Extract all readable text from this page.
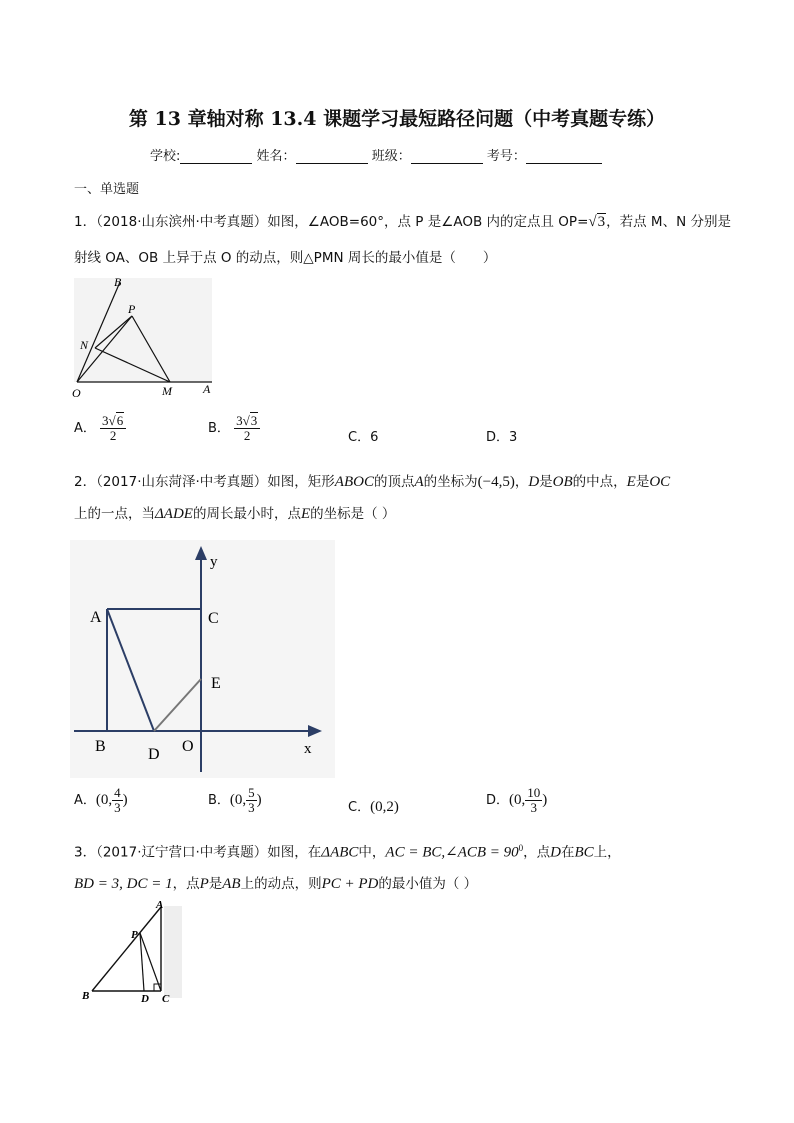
第 13 章轴对称 13.4 课题学习最短路径问题（中考真题专练）
学校:	姓名：	班级：	考号：
一、单选题
1．（2018·山东滨州·中考真题）如图，∠AOB=60°，点 P 是∠AOB 内的定点且 OP=√3，若点 M、N 分别是
射线 OA、OB 上异于点 O 的动点，则△PMN 周长的最小值是（　　）
B
P
N
O	M	A
A． $\frac{3√6}{2}$	B． $\frac{3√3}{2}$	C．6	D．3
2．（2017·山东菏泽·中考真题）如图，矩形ABOC的顶点A的坐标为(−4,5)，D是OB的中点，E是OC
上的一点，当ΔADE的周长最小时，点E的坐标是（ ）
y
A	C
E
B	D O	x
A．(0, $\frac{4}{3}$ )	B．(0, $\frac{5}{3}$ )	C．(0,2)	D．(0, $\frac{10}{3}$ )
3．（2017·辽宁营口·中考真题）如图，在ΔABC中，AC = BC,∠ACB = $90^0$，点D在BC上，
BD = 3, DC = 1，点P是AB上的动点，则PC + PD的最小值为（ ）
A
P
B	D C
